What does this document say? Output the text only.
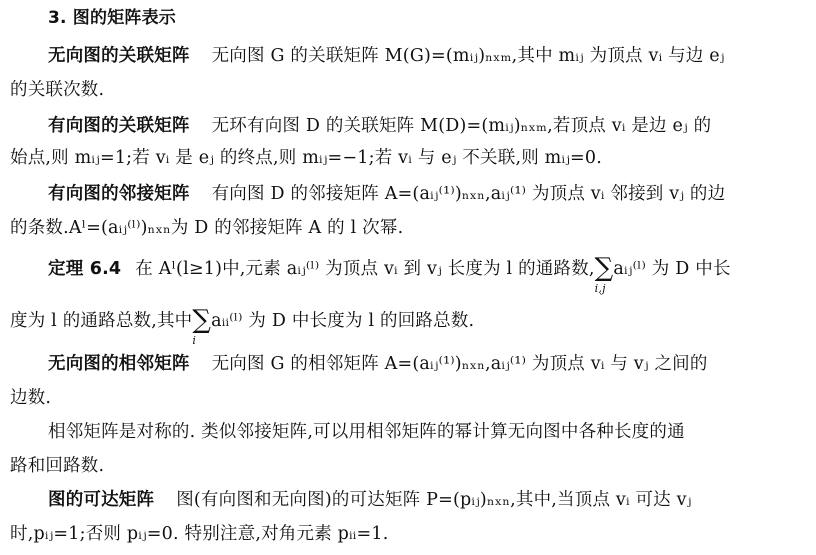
3. 图的矩阵表示
无向图的关联矩阵 无向图 G 的关联矩阵 M(G)=(mᵢⱼ)ₙₓₘ,其中 mᵢⱼ 为顶点 vᵢ 与边 eⱼ
的关联次数.
有向图的关联矩阵 无环有向图 D 的关联矩阵 M(D)=(mᵢⱼ)ₙₓₘ,若顶点 vᵢ 是边 eⱼ 的
始点,则 mᵢⱼ=1;若 vᵢ 是 eⱼ 的终点,则 mᵢⱼ=−1;若 vᵢ 与 eⱼ 不关联,则 mᵢⱼ=0.
有向图的邻接矩阵 有向图 D 的邻接矩阵 A=(aᵢⱼ⁽¹⁾)ₙₓₙ,aᵢⱼ⁽¹⁾ 为顶点 vᵢ 邻接到 vⱼ 的边
的条数.Aˡ=(aᵢⱼ⁽ˡ⁾)ₙₓₙ为 D 的邻接矩阵 A 的 l 次幂.
定理 6.4 在 Aˡ(l≥1)中,元素 aᵢⱼ⁽ˡ⁾ 为顶点 vᵢ 到 vⱼ 长度为 l 的通路数,∑
i,j
aᵢⱼ⁽ˡ⁾ 为 D 中长
度为 l 的通路总数,其中∑
i
aᵢᵢ⁽ˡ⁾ 为 D 中长度为 l 的回路总数.
无向图的相邻矩阵 无向图 G 的相邻矩阵 A=(aᵢⱼ⁽¹⁾)ₙₓₙ,aᵢⱼ⁽¹⁾ 为顶点 vᵢ 与 vⱼ 之间的
边数.
相邻矩阵是对称的. 类似邻接矩阵,可以用相邻矩阵的幂计算无向图中各种长度的通
路和回路数.
图的可达矩阵 图(有向图和无向图)的可达矩阵 P=(pᵢⱼ)ₙₓₙ,其中,当顶点 vᵢ 可达 vⱼ
时,pᵢⱼ=1;否则 pᵢⱼ=0. 特别注意,对角元素 pᵢᵢ=1.
